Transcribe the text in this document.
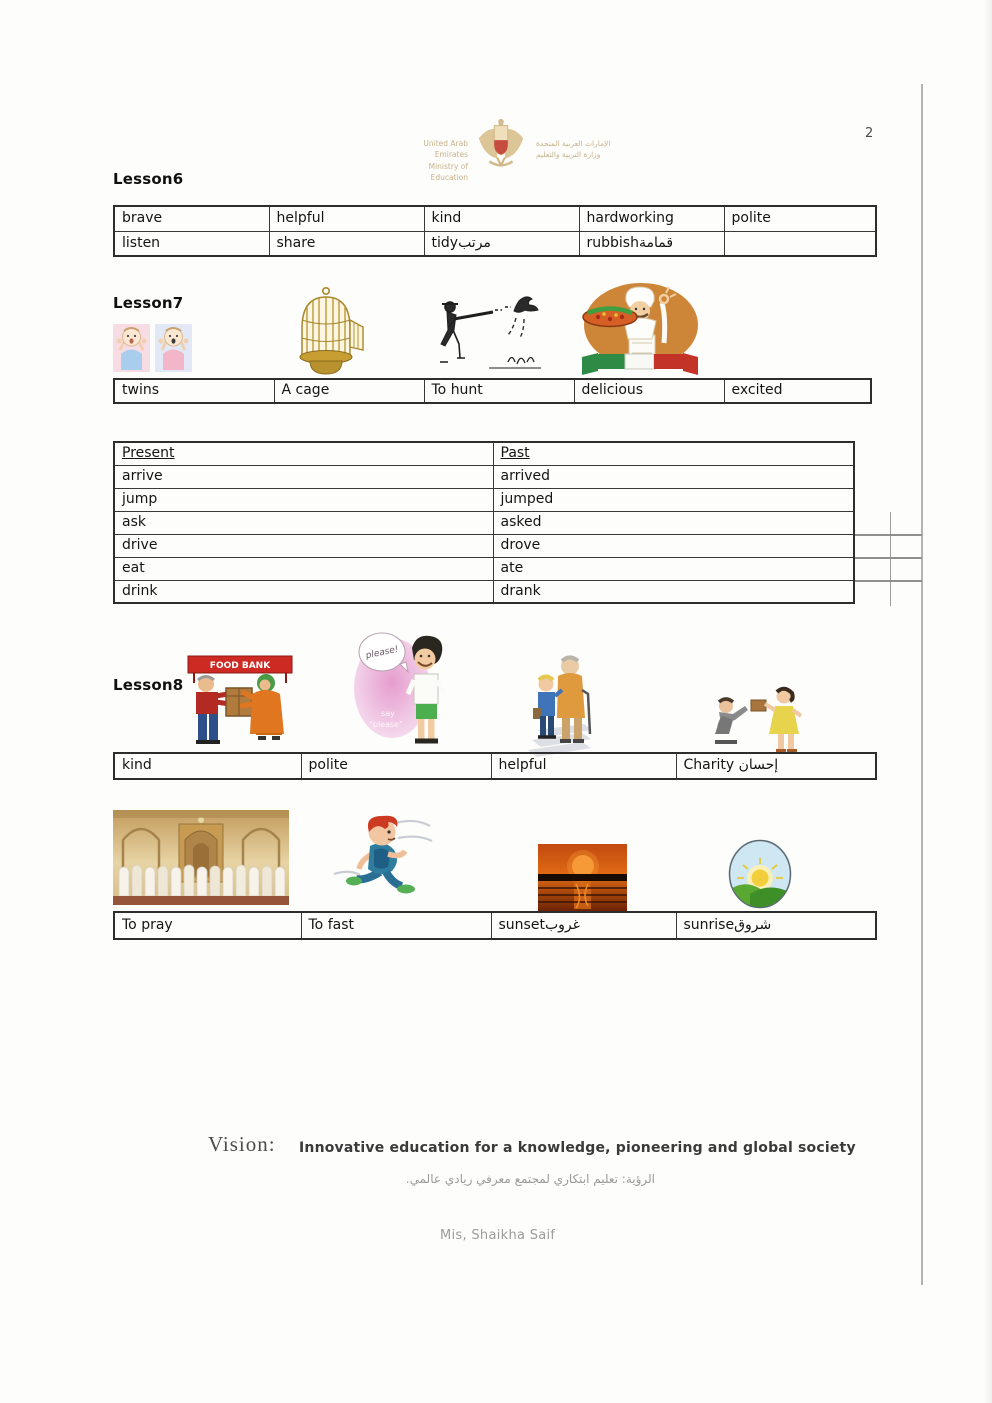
United Arab Emirates
Ministry of Education
الإمارات العربية المتحدة
وزارة التربية والتعليم
2
Lesson6
brave	helpful	kind	hardworking	polite
listen	share	tidyمرتب	rubbishقمامة	
Lesson7
twins	A cage	To hunt	delicious	excited
Present	Past
arrive	arrived
jump	jumped
ask	asked
drive	drove
eat	ate
drink	drank
Lesson8
FOOD BANK
please!
say
"please"
kind	polite	helpful	Charity إحسان
To pray	To fast	sunsetغروب	sunriseشروق
Vision: Innovative education for a knowledge, pioneering and global society
الرؤية: تعليم ابتكاري لمجتمع معرفي ريادي عالمي.
Mis, Shaikha Saif
